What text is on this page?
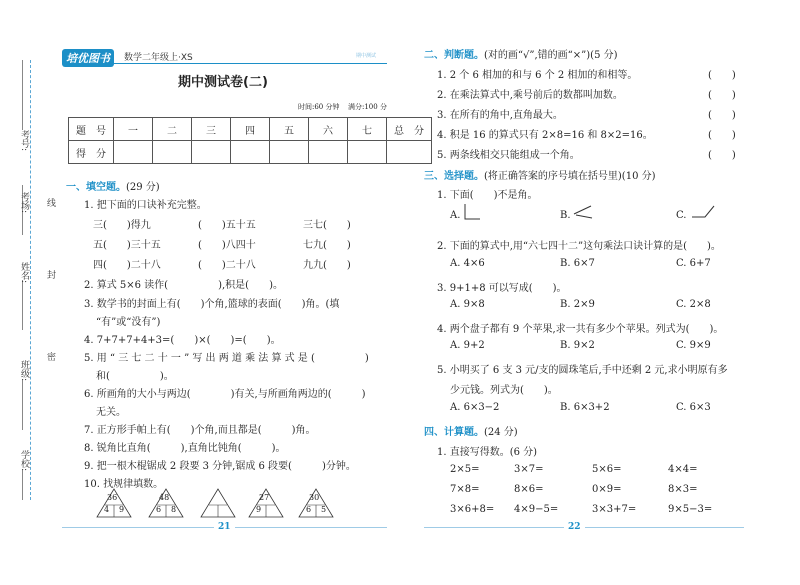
培优图书	数学二年级上·XS	期中测试
考号:
考场: 线
姓名: 封
班级:
密
学校:
期中测试卷(二)
时间:60 分钟 满分:100 分
题　号	一	二	三	四	五	六	七	总　分
得　分								
一、填空题。(29 分)
1. 把下面的口诀补充完整。
三(　　)得九	(　　)五十五	三七(　　)
五(　　)三十五	(　　)八四十	七九(　　)
四(　　)二十八	(　　)二十八	九九(　　)
2. 算式 5×6 读作(　　　　　),积是(　　)。
3. 数学书的封面上有(　　)个角,篮球的表面(　　)角。(填
“有”或“没有”)
4. 7+7+7+4+3=(　　)×(　　)=(　　)。
5. 用 “ 三 七 二 十 一 ” 写 出 两 道 乘 法 算 式 是 (　　　　　)
和(　　　　　)。
6. 所画角的大小与两边(　　　　)有关,与所画角两边的(　　　)
无关。
7. 正方形手帕上有(　　)个角,而且都是(　　　)角。
8. 锐角比直角(　　　),直角比钝角(　　　)。
9. 把一根木棍锯成 2 段要 3 分钟,锯成 6 段要(　　　)分钟。
10. 找规律填数。
36
4 9
48
6 8
27
9
30
6 5
21
二、判断题。(对的画“√”,错的画“×”)(5 分)
1. 2 个 6 相加的和与 6 个 2 相加的和相等。	(　　)
2. 在乘法算式中,乘号前后的数都叫加数。	(　　)
3. 在所有的角中,直角最大。	(　　)
4. 积是 16 的算式只有 2×8=16 和 8×2=16。	(　　)
5. 两条线相交只能组成一个角。	(　　)
三、选择题。(将正确答案的序号填在括号里)(10 分)
1. 下面(　　)不是角。
A.	B.	C.
2. 下面的算式中,用“六七四十二”这句乘法口诀计算的是(　　)。
A. 4×6	B. 6×7	C. 6+7
3. 9+1+8 可以写成(　　)。
A. 9×8	B. 2×9	C. 2×8
4. 两个盘子都有 9 个苹果,求一共有多少个苹果。列式为(　　)。
A. 9+2	B. 9×2	C. 9×9
5. 小明买了 6 支 3 元/支的圆珠笔后,手中还剩 2 元,求小明原有多
少元钱。列式为(　　)。
A. 6×3−2	B. 6×3+2	C. 6×3
四、计算题。(24 分)
1. 直接写得数。(6 分)
2×5=	3×7=	5×6=	4×4=
7×8=	8×6=	0×9=	8×3=
3×6+8= 4×9−5=	3×3+7=	9×5−3=
22
